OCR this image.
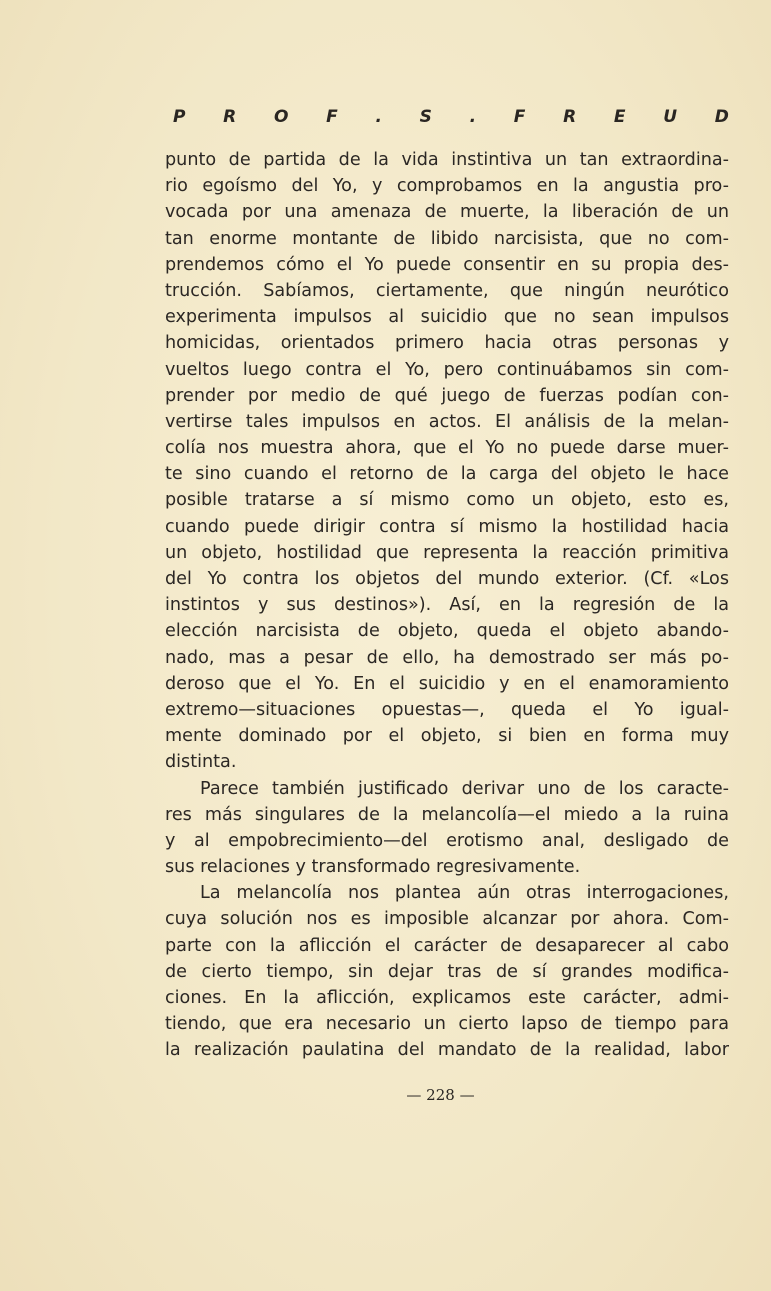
P R O F . S . F R E U D
punto de partida de la vida instintiva un tan extraordina-
rio egoísmo del Yo, y comprobamos en la angustia pro-
vocada por una amenaza de muerte, la liberación de un
tan enorme montante de libido narcisista, que no com-
prendemos cómo el Yo puede consentir en su propia des-
trucción. Sabíamos, ciertamente, que ningún neurótico
experimenta impulsos al suicidio que no sean impulsos
homicidas, orientados primero hacia otras personas y
vueltos luego contra el Yo, pero continuábamos sin com-
prender por medio de qué juego de fuerzas podían con-
vertirse tales impulsos en actos. El análisis de la melan-
colía nos muestra ahora, que el Yo no puede darse muer-
te sino cuando el retorno de la carga del objeto le hace
posible tratarse a sí mismo como un objeto, esto es,
cuando puede dirigir contra sí mismo la hostilidad hacia
un objeto, hostilidad que representa la reacción primitiva
del Yo contra los objetos del mundo exterior. (Cf. «Los
instintos y sus destinos»). Así, en la regresión de la
elección narcisista de objeto, queda el objeto abando-
nado, mas a pesar de ello, ha demostrado ser más po-
deroso que el Yo. En el suicidio y en el enamoramiento
extremo—situaciones opuestas—, queda el Yo igual-
mente dominado por el objeto, si bien en forma muy
distinta.
Parece también justificado derivar uno de los caracte-
res más singulares de la melancolía—el miedo a la ruina
y al empobrecimiento—del erotismo anal, desligado de
sus relaciones y transformado regresivamente.
La melancolía nos plantea aún otras interrogaciones,
cuya solución nos es imposible alcanzar por ahora. Com-
parte con la aflicción el carácter de desaparecer al cabo
de cierto tiempo, sin dejar tras de sí grandes modifica-
ciones. En la aflicción, explicamos este carácter, admi-
tiendo, que era necesario un cierto lapso de tiempo para
la realización paulatina del mandato de la realidad, labor
— 228 —
